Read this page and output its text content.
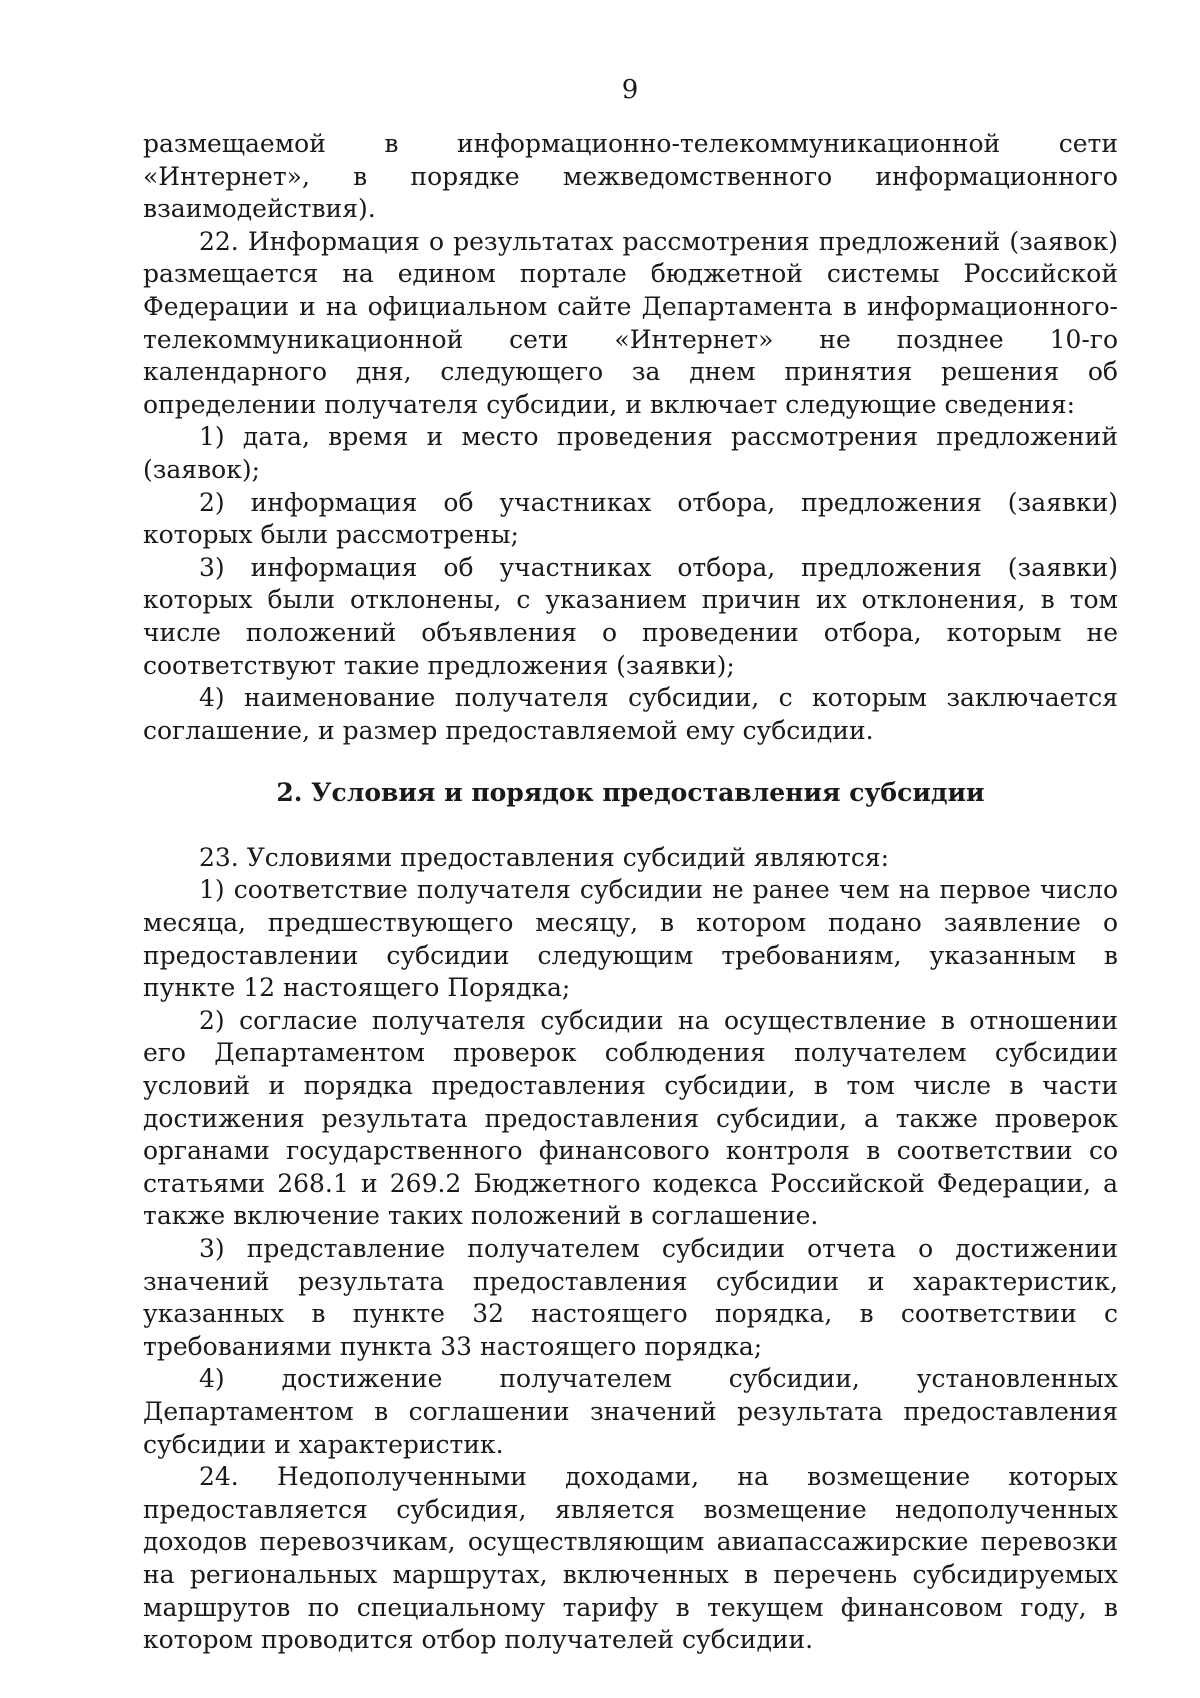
9

размещаемой в информационно-телекоммуникационной сети «Интернет», в порядке межведомственного информационного взаимодействия).

22. Информация о результатах рассмотрения предложений (заявок) размещается на едином портале бюджетной системы Российской Федерации и на официальном сайте Департамента в информационного-телекоммуникационной сети «Интернет» не позднее 10-го календарного дня, следующего за днем принятия решения об определении получателя субсидии, и включает следующие сведения:

1) дата, время и место проведения рассмотрения предложений (заявок);

2) информация об участниках отбора, предложения (заявки) которых были рассмотрены;

3) информация об участниках отбора, предложения (заявки) которых были отклонены, с указанием причин их отклонения, в том числе положений объявления о проведении отбора, которым не соответствуют такие предложения (заявки);

4) наименование получателя субсидии, с которым заключается соглашение, и размер предоставляемой ему субсидии.

2. Условия и порядок предоставления субсидии

23. Условиями предоставления субсидий являются:

1) соответствие получателя субсидии не ранее чем на первое число месяца, предшествующего месяцу, в котором подано заявление о предоставлении субсидии следующим требованиям, указанным в пункте 12 настоящего Порядка;

2) согласие получателя субсидии на осуществление в отношении его Департаментом проверок соблюдения получателем субсидии условий и порядка предоставления субсидии, в том числе в части достижения результата предоставления субсидии, а также проверок органами государственного финансового контроля в соответствии со статьями 268.1 и 269.2 Бюджетного кодекса Российской Федерации, а также включение таких положений в соглашение.

3) представление получателем субсидии отчета о достижении значений результата предоставления субсидии и характеристик, указанных в пункте 32 настоящего порядка, в соответствии с требованиями пункта 33 настоящего порядка;

4) достижение получателем субсидии, установленных Департаментом в соглашении значений результата предоставления субсидии и характеристик.

24. Недополученными доходами, на возмещение которых предоставляется субсидия, является возмещение недополученных доходов перевозчикам, осуществляющим авиапассажирские перевозки на региональных маршрутах, включенных в перечень субсидируемых маршрутов по специальному тарифу в текущем финансовом году, в котором проводится отбор получателей субсидии.
